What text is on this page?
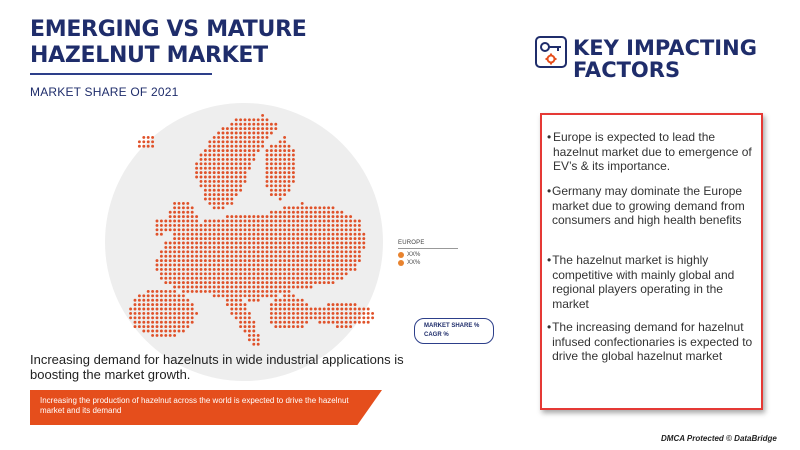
EMERGING VS MATURE HAZELNUT MARKET
MARKET SHARE OF 2021
EUROPE
XX%
XX%
MARKET SHARE %
CAGR %
Increasing demand for hazelnuts in wide industrial applications is boosting the market growth.
Increasing the production of hazelnut across the world is expected to drive the hazelnut market and its demand
KEY IMPACTING FACTORS
• Europe is expected to lead the hazelnut market due to emergence of EV’s & its importance.
• Germany may dominate the Europe market due to growing demand from consumers and high health benefits
• The hazelnut market is highly competitive with mainly global and regional players operating in the market
• The increasing demand for hazelnut infused confectionaries is expected to drive the global hazelnut market
DMCA Protected © DataBridge
